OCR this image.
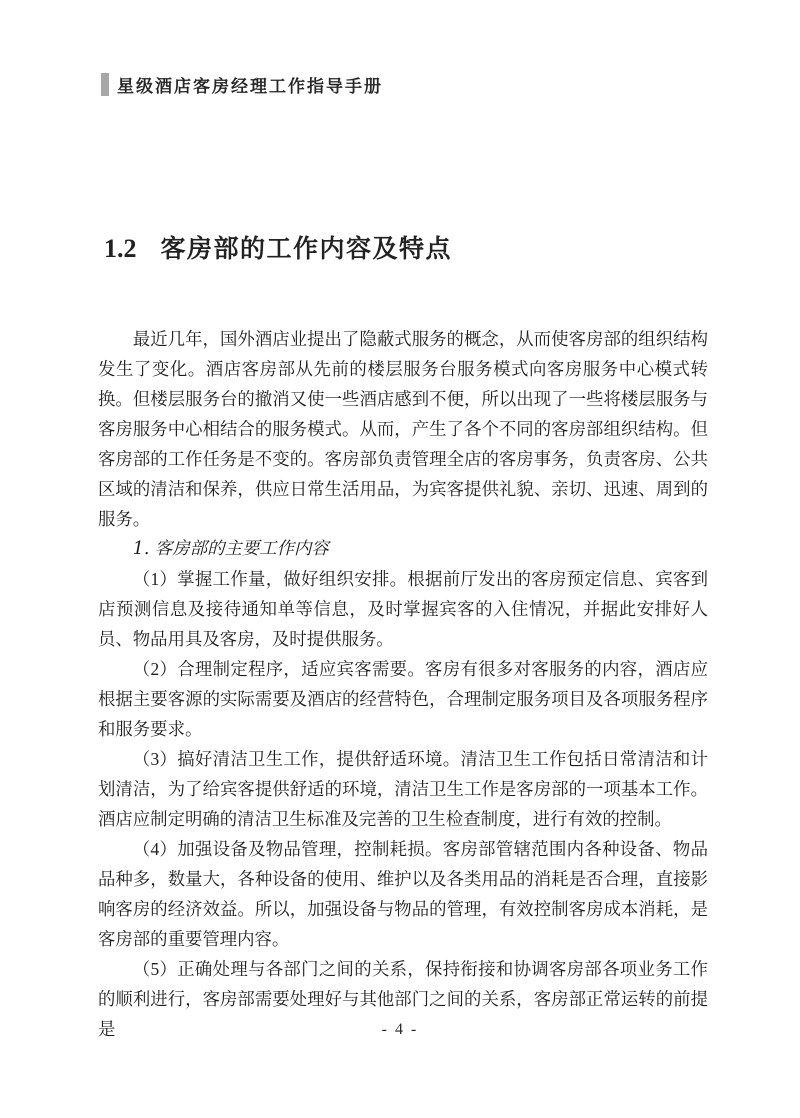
星级酒店客房经理工作指导手册
1.2 客房部的工作内容及特点

最近几年，国外酒店业提出了隐蔽式服务的概念，从而使客房部的组织结构发生了变化。酒店客房部从先前的楼层服务台服务模式向客房服务中心模式转换。但楼层服务台的撤消又使一些酒店感到不便，所以出现了一些将楼层服务与客房服务中心相结合的服务模式。从而，产生了各个不同的客房部组织结构。但客房部的工作任务是不变的。客房部负责管理全店的客房事务，负责客房、公共区域的清洁和保养，供应日常生活用品，为宾客提供礼貌、亲切、迅速、周到的服务。

1. 客房部的主要工作内容

（1）掌握工作量，做好组织安排。根据前厅发出的客房预定信息、宾客到店预测信息及接待通知单等信息，及时掌握宾客的入住情况，并据此安排好人员、物品用具及客房，及时提供服务。

（2）合理制定程序，适应宾客需要。客房有很多对客服务的内容，酒店应根据主要客源的实际需要及酒店的经营特色，合理制定服务项目及各项服务程序和服务要求。

（3）搞好清洁卫生工作，提供舒适环境。清洁卫生工作包括日常清洁和计划清洁，为了给宾客提供舒适的环境，清洁卫生工作是客房部的一项基本工作。酒店应制定明确的清洁卫生标准及完善的卫生检查制度，进行有效的控制。

（4）加强设备及物品管理，控制耗损。客房部管辖范围内各种设备、物品品种多，数量大，各种设备的使用、维护以及各类用品的消耗是否合理，直接影响客房的经济效益。所以，加强设备与物品的管理，有效控制客房成本消耗，是客房部的重要管理内容。

（5）正确处理与各部门之间的关系，保持衔接和协调客房部各项业务工作的顺利进行，客房部需要处理好与其他部门之间的关系，客房部正常运转的前提是	- 4 -
